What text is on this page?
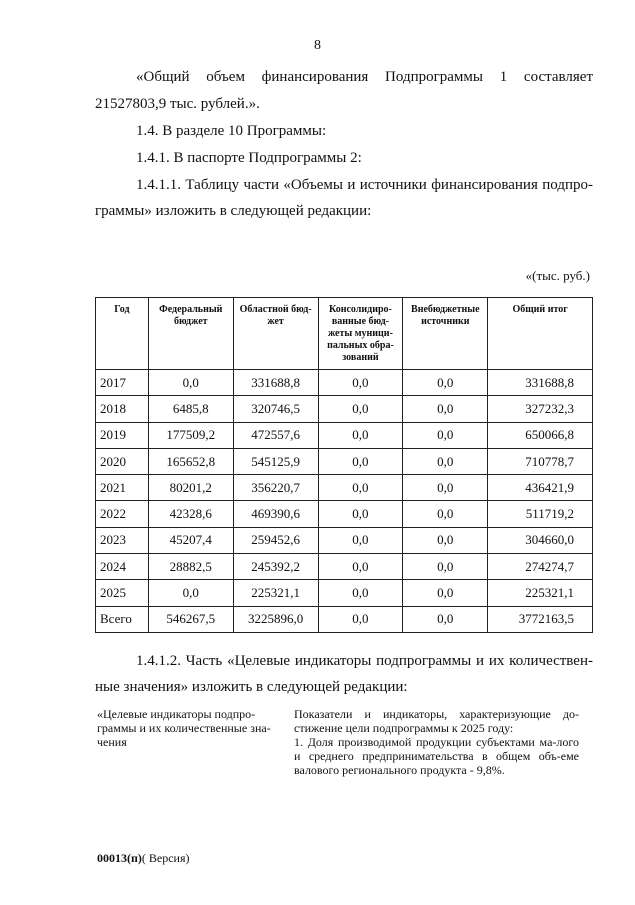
8
«Общий объем финансирования Подпрограммы 1 составляет
21527803,9 тыс. рублей.».
1.4. В разделе 10 Программы:
1.4.1. В паспорте Подпрограммы 2:
1.4.1.1. Таблицу части «Объемы и источники финансирования подпро-
граммы» изложить в следующей редакции:
«(тыс. руб.)
Год	Федеральный бюджет	Областной бюд-жет	Консолидиро-ванные бюд-жеты муници-пальных обра-зований	Внебюджетные источники	Общий итог
2017	0,0	331688,8	0,0	0,0	331688,8
2018	6485,8	320746,5	0,0	0,0	327232,3
2019	177509,2	472557,6	0,0	0,0	650066,8
2020	165652,8	545125,9	0,0	0,0	710778,7
2021	80201,2	356220,7	0,0	0,0	436421,9
2022	42328,6	469390,6	0,0	0,0	511719,2
2023	45207,4	259452,6	0,0	0,0	304660,0
2024	28882,5	245392,2	0,0	0,0	274274,7
2025	0,0	225321,1	0,0	0,0	225321,1
Всего	546267,5	3225896,0	0,0	0,0	3772163,5
1.4.1.2. Часть «Целевые индикаторы подпрограммы и их количествен-
ные значения» изложить в следующей редакции:
«Целевые индикаторы подпро-граммы и их количественные зна-чения
Показатели и индикаторы, характеризующие до-стижение цели подпрограммы к 2025 году:
1. Доля производимой продукции субъектами ма-лого и среднего предпринимательства в общем объ-еме валового регионального продукта - 9,8%.
00013(п)( Версия)
